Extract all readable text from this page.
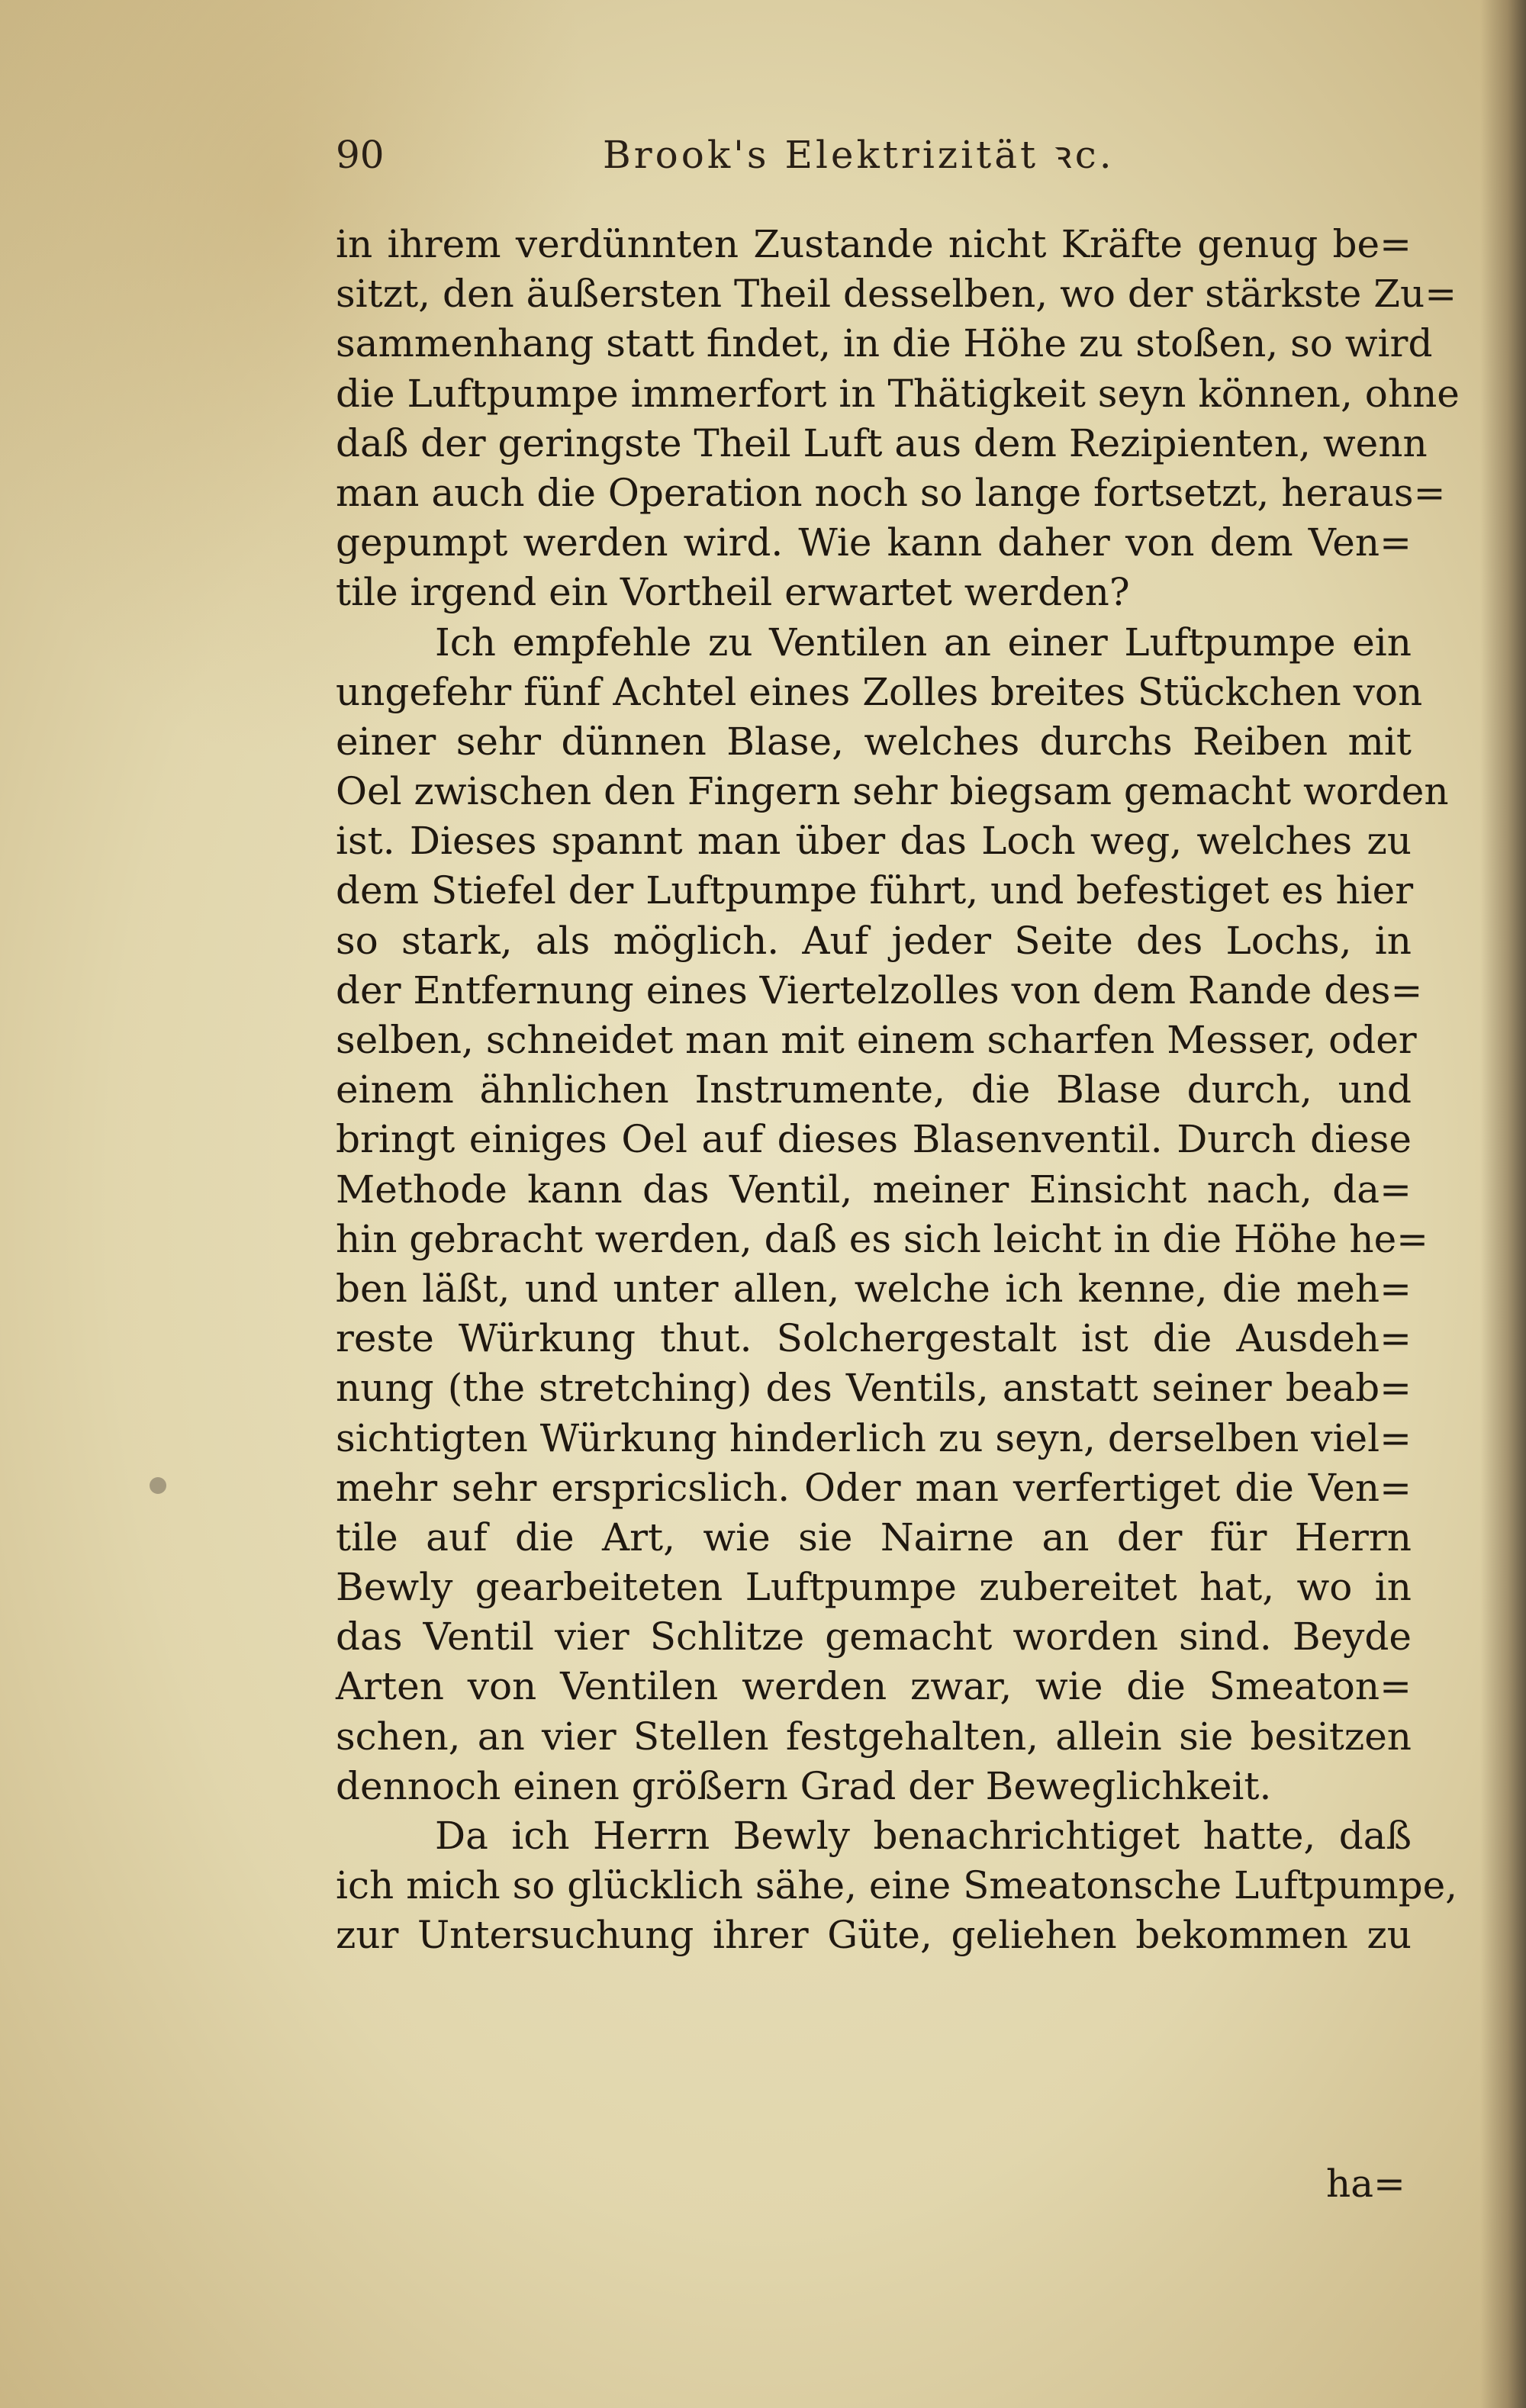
90	Brook's Elektrizität ꝛc.
in ihrem verdünnten Zustande nicht Kräfte genug be=
sitzt, den äußersten Theil desselben, wo der stärkste Zu=
sammenhang statt findet, in die Höhe zu stoßen, so wird
die Luftpumpe immerfort in Thätigkeit seyn können, ohne
daß der geringste Theil Luft aus dem Rezipienten, wenn
man auch die Operation noch so lange fortsetzt, heraus=
gepumpt werden wird. Wie kann daher von dem Ven=
tile irgend ein Vortheil erwartet werden?
Ich empfehle zu Ventilen an einer Luftpumpe ein
ungefehr fünf Achtel eines Zolles breites Stückchen von
einer sehr dünnen Blase, welches durchs Reiben mit
Oel zwischen den Fingern sehr biegsam gemacht worden
ist. Dieses spannt man über das Loch weg, welches zu
dem Stiefel der Luftpumpe führt, und befestiget es hier
so stark, als möglich. Auf jeder Seite des Lochs, in
der Entfernung eines Viertelzolles von dem Rande des=
selben, schneidet man mit einem scharfen Messer, oder
einem ähnlichen Instrumente, die Blase durch, und
bringt einiges Oel auf dieses Blasenventil. Durch diese
Methode kann das Ventil, meiner Einsicht nach, da=
hin gebracht werden, daß es sich leicht in die Höhe he=
ben läßt, und unter allen, welche ich kenne, die meh=
reste Würkung thut. Solchergestalt ist die Ausdeh=
nung (the stretching) des Ventils, anstatt seiner beab=
sichtigten Würkung hinderlich zu seyn, derselben viel=
mehr sehr erspricslich. Oder man verfertiget die Ven=
tile auf die Art, wie sie Nairne an der für Herrn
Bewly gearbeiteten Luftpumpe zubereitet hat, wo in
das Ventil vier Schlitze gemacht worden sind. Beyde
Arten von Ventilen werden zwar, wie die Smeaton=
schen, an vier Stellen festgehalten, allein sie besitzen
dennoch einen größern Grad der Beweglichkeit.
Da ich Herrn Bewly benachrichtiget hatte, daß
ich mich so glücklich sähe, eine Smeatonsche Luftpumpe,
zur Untersuchung ihrer Güte, geliehen bekommen zu
ha=
